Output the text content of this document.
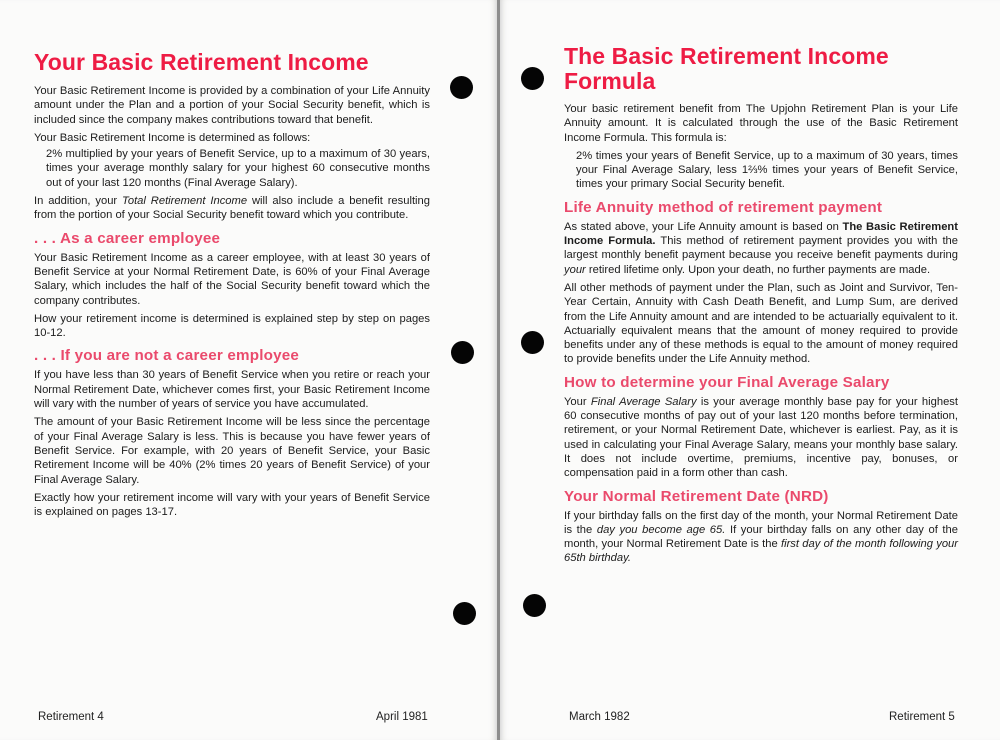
Your Basic Retirement Income

Your Basic Retirement Income is provided by a combination of your Life Annuity amount under the Plan and a portion of your Social Security benefit, which is included since the company makes contributions toward that benefit.

Your Basic Retirement Income is determined as follows:

2% multiplied by your years of Benefit Service, up to a maximum of 30 years, times your average monthly salary for your highest 60 consecutive months out of your last 120 months (Final Average Salary).

In addition, your Total Retirement Income will also include a benefit resulting from the portion of your Social Security benefit toward which you contribute.

. . . As a career employee

Your Basic Retirement Income as a career employee, with at least 30 years of Benefit Service at your Normal Retirement Date, is 60% of your Final Average Salary, which includes the half of the Social Security benefit toward which the company contributes.

How your retirement income is determined is explained step by step on pages 10-12.

. . . If you are not a career employee

If you have less than 30 years of Benefit Service when you retire or reach your Normal Retirement Date, whichever comes first, your Basic Retirement Income will vary with the number of years of service you have accumulated.

The amount of your Basic Retirement Income will be less since the percentage of your Final Average Salary is less. This is because you have fewer years of Benefit Service. For example, with 20 years of Benefit Service, your Basic Retirement Income will be 40% (2% times 20 years of Benefit Service) of your Final Average Salary.

Exactly how your retirement income will vary with your years of Benefit Service is explained on pages 13-17.

Retirement 4	April 1981
The Basic Retirement Income
Formula

Your basic retirement benefit from The Upjohn Retirement Plan is your Life Annuity amount. It is calculated through the use of the Basic Retirement Income Formula. This formula is:

2% times your years of Benefit Service, up to a maximum of 30 years, times your Final Average Salary, less 1⅔% times your years of Benefit Service, times your primary Social Security benefit.

Life Annuity method of retirement payment

As stated above, your Life Annuity amount is based on The Basic Retirement Income Formula. This method of retirement payment provides you with the largest monthly benefit payment because you receive benefit payments during your retired lifetime only. Upon your death, no further payments are made.

All other methods of payment under the Plan, such as Joint and Survivor, Ten-Year Certain, Annuity with Cash Death Benefit, and Lump Sum, are derived from the Life Annuity amount and are intended to be actuarially equivalent to it. Actuarially equivalent means that the amount of money required to provide benefits under any of these methods is equal to the amount of money required to provide benefits under the Life Annuity method.

How to determine your Final Average Salary

Your Final Average Salary is your average monthly base pay for your highest 60 consecutive months of pay out of your last 120 months before termination, retirement, or your Normal Retirement Date, whichever is earliest. Pay, as it is used in calculating your Final Average Salary, means your monthly base salary. It does not include overtime, premiums, incentive pay, bonuses, or compensation paid in a form other than cash.

Your Normal Retirement Date (NRD)

If your birthday falls on the first day of the month, your Normal Retirement Date is the day you become age 65. If your birthday falls on any other day of the month, your Normal Retirement Date is the first day of the month following your 65th birthday.

March 1982	Retirement 5
